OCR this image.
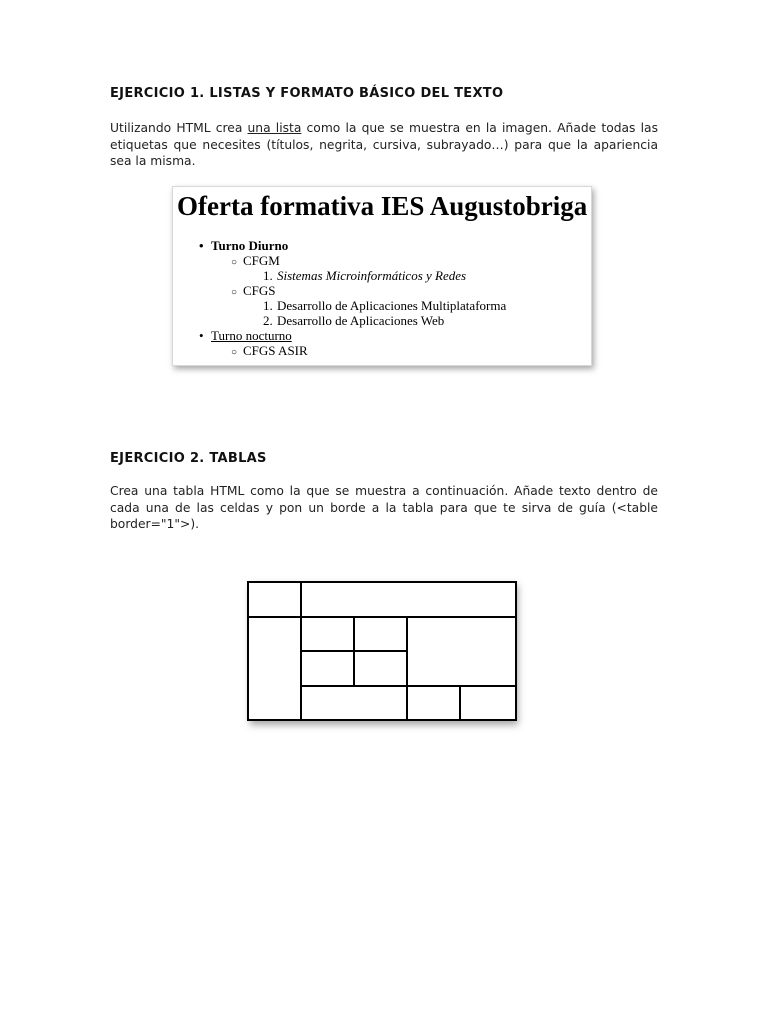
EJERCICIO 1. LISTAS Y FORMATO BÁSICO DEL TEXTO

Utilizando HTML crea una lista como la que se muestra en la imagen. Añade todas las etiquetas que necesites (títulos, negrita, cursiva, subrayado…) para que la apariencia sea la misma.

Oferta formativa IES Augustobriga
• Turno Diurno
○ CFGM
1. Sistemas Microinformáticos y Redes
○ CFGS
1. Desarrollo de Aplicaciones Multiplataforma
2. Desarrollo de Aplicaciones Web
• Turno nocturno
○ CFGS ASIR
EJERCICIO 2. TABLAS

Crea una tabla HTML como la que se muestra a continuación. Añade texto dentro de cada una de las celdas y pon un borde a la tabla para que te sirva de guía (<table border="1">).
